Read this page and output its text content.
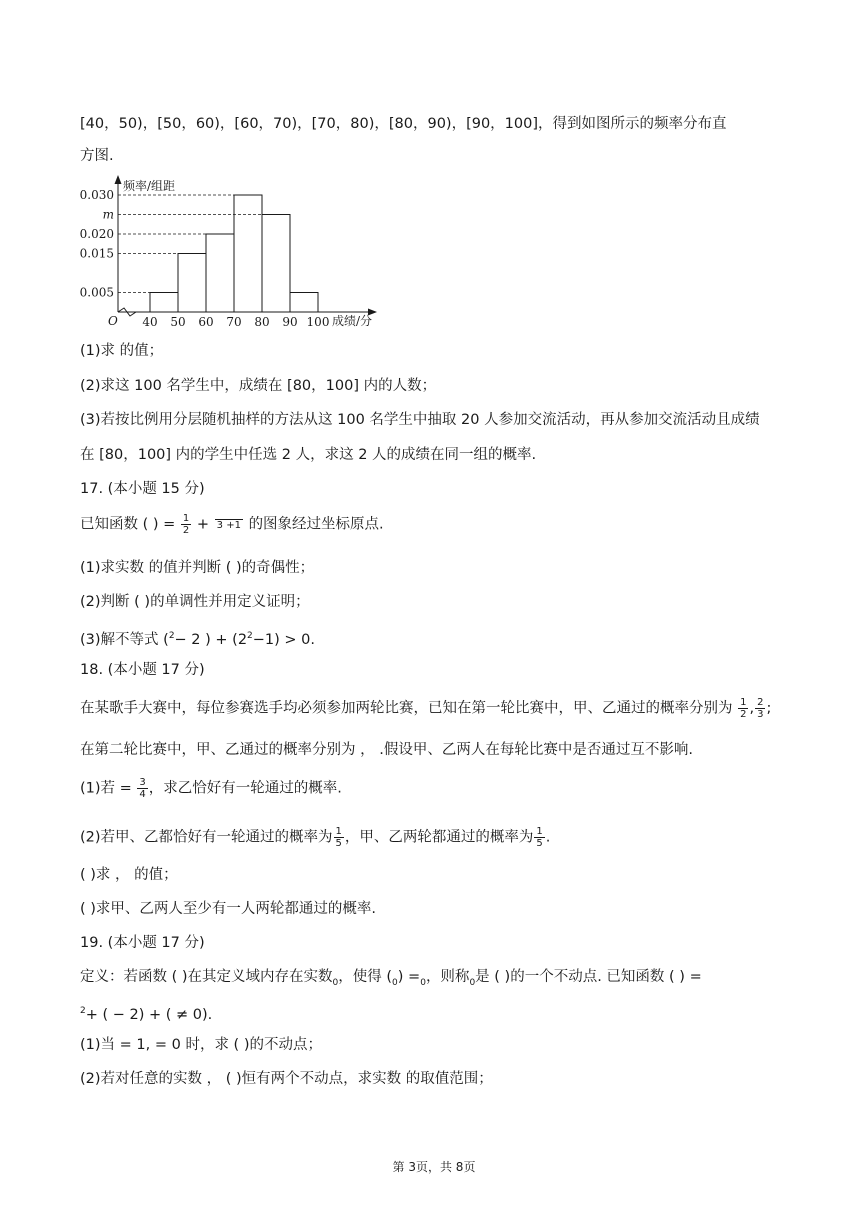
[40，50)，[50，60)，[60，70)，[70，80)，[80，90)，[90，100]，得到如图所示的频率分布直
方图.
频率/组距
O	成绩/分
0.005
0.015
0.020
m
0.030
40 50 60 70 80 90 100
(1)求 的值；
(2)求这 100 名学生中，成绩在 [80，100] 内的人数；
(3)若按比例用分层随机抽样的方法从这 100 名学生中抽取 20 人参加交流活动，再从参加交流活动且成绩
在 [80，100] 内的学生中任选 2 人，求这 2 人的成绩在同一组的概率.
17. (本小题 15 分)
已知函数 ( ) = $\frac{1}{2} + 3 +1$ 的图象经过坐标原点.
(1)求实数 的值并判断 ( )的奇偶性；
(2)判断 ( )的单调性并用定义证明；
(3)解不等式 ($^2$− 2 ) + $(2^2-1) > 0$.
18. (本小题 17 分)
在某歌手大赛中，每位参赛选手均必须参加两轮比赛，已知在第一轮比赛中，甲、乙通过的概率分别为 $\frac{1}{2}$ , $\frac{2}{3}$ ;
在第二轮比赛中，甲、乙通过的概率分别为 ， .假设甲、乙两人在每轮比赛中是否通过互不影响.
(1)若 = $\frac{3}{4}$ ，求乙恰好有一轮通过的概率.
(2)若甲、乙都恰好有一轮通过的概率为 $\frac{1}{5}$ ，甲、乙两轮都通过的概率为 $\frac{1}{5}$ .
( )求 ， 的值；
( )求甲、乙两人至少有一人两轮都通过的概率.
19. (本小题 17 分)
定义：若函数 ( )在其定义域内存在实数$_0$，使得 $(_0) =_0$，则称$_0$是 ( )的一个不动点. 已知函数 ( ) =
$^2$+ ( − 2) + ( ≠ 0).
(1)当 = 1, = 0 时，求 ( )的不动点；
(2)若对任意的实数 ， ( )恒有两个不动点，求实数 的取值范围；
第 3页，共 8页
